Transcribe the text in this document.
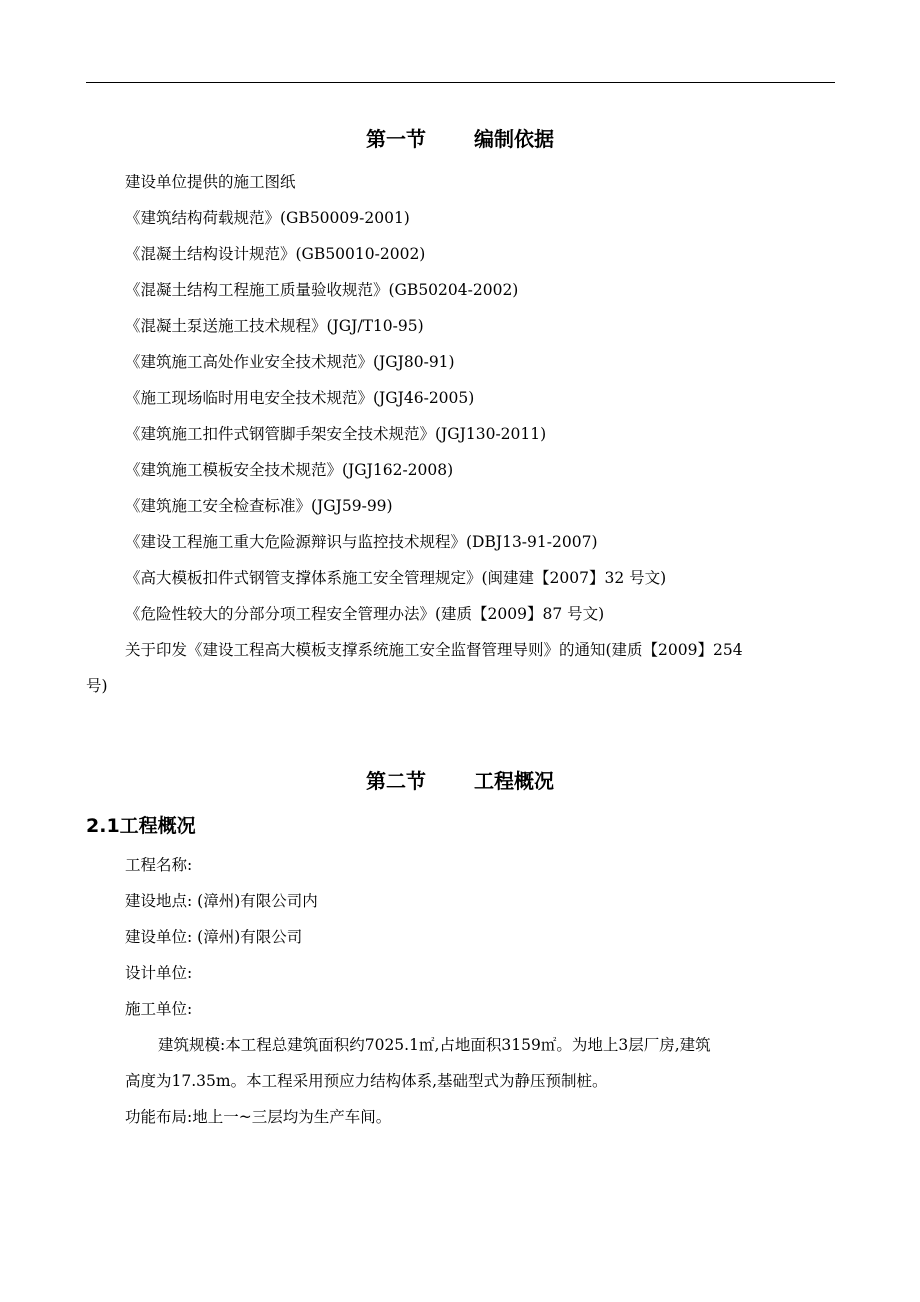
第一节 编制依据
建设单位提供的施工图纸
《建筑结构荷载规范》(GB50009-2001)
《混凝土结构设计规范》(GB50010-2002)
《混凝土结构工程施工质量验收规范》(GB50204-2002)
《混凝土泵送施工技术规程》(JGJ/T10-95)
《建筑施工高处作业安全技术规范》(JGJ80-91)
《施工现场临时用电安全技术规范》(JGJ46-2005)
《建筑施工扣件式钢管脚手架安全技术规范》(JGJ130-2011)
《建筑施工模板安全技术规范》(JGJ162-2008)
《建筑施工安全检查标准》(JGJ59-99)
《建设工程施工重大危险源辩识与监控技术规程》(DBJ13-91-2007)
《高大模板扣件式钢管支撑体系施工安全管理规定》(闽建建【2007】32 号文)
《危险性较大的分部分项工程安全管理办法》(建质【2009】87 号文)
关于印发《建设工程高大模板支撑系统施工安全监督管理导则》的通知(建质【2009】254
号)
第二节 工程概况
2.1工程概况
工程名称:
建设地点: (漳州)有限公司内
建设单位: (漳州)有限公司
设计单位:
施工单位:
建筑规模:本工程总建筑面积约7025.1㎡,占地面积3159㎡。为地上3层厂房,建筑
高度为17.35m。本工程采用预应力结构体系,基础型式为静压预制桩。
功能布局:地上一~三层均为生产车间。
